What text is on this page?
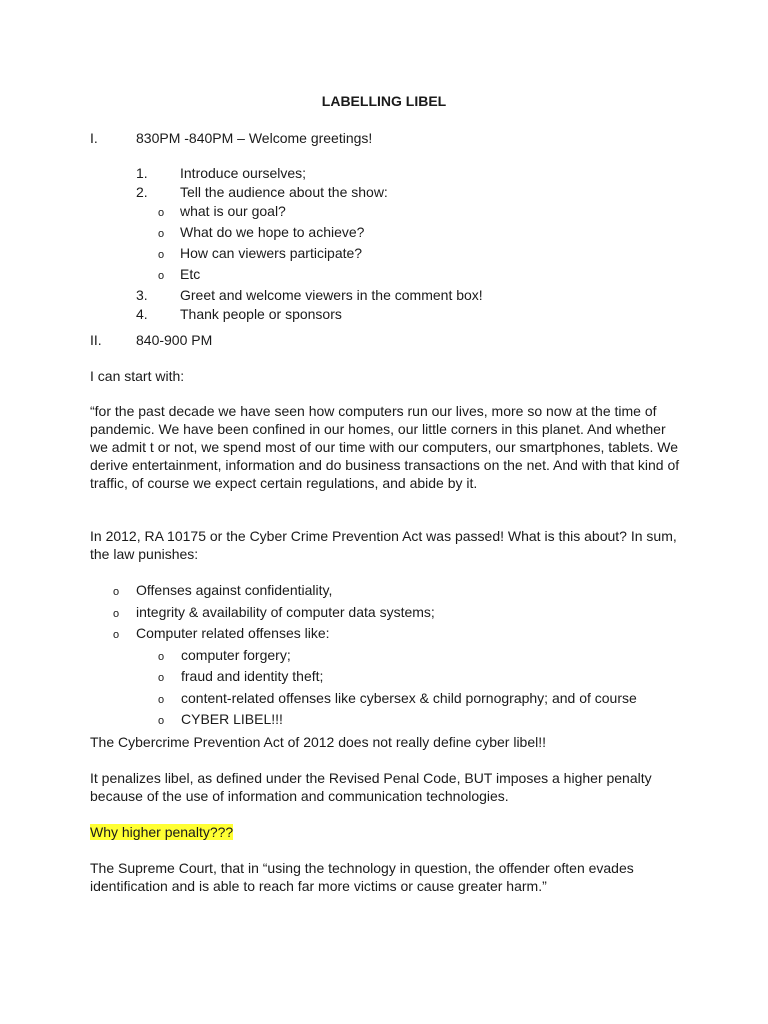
LABELLING LIBEL
I.	830PM -840PM – Welcome greetings!
1. Introduce ourselves;
2. Tell the audience about the show:
o what is our goal?
o What do we hope to achieve?
o How can viewers participate?
o Etc
3. Greet and welcome viewers in the comment box!
4. Thank people or sponsors
II. 840-900 PM
I can start with:
“for the past decade we have seen how computers run our lives, more so now at the time of pandemic. We have been confined in our homes, our little corners in this planet. And whether we admit t or not, we spend most of our time with our computers, our smartphones, tablets. We derive entertainment, information and do business transactions on the net. And with that kind of traffic, of course we expect certain regulations, and abide by it.
In 2012, RA 10175 or the Cyber Crime Prevention Act was passed! What is this about? In sum, the law punishes:
o Offenses against confidentiality,
o integrity & availability of computer data systems;
o Computer related offenses like:
o computer forgery;
o fraud and identity theft;
o content-related offenses like cybersex & child pornography; and of course
o CYBER LIBEL!!!
The Cybercrime Prevention Act of 2012 does not really define cyber libel!!
It penalizes libel, as defined under the Revised Penal Code, BUT imposes a higher penalty because of the use of information and communication technologies.
Why higher penalty???
The Supreme Court, that in “using the technology in question, the offender often evades identification and is able to reach far more victims or cause greater harm.”
